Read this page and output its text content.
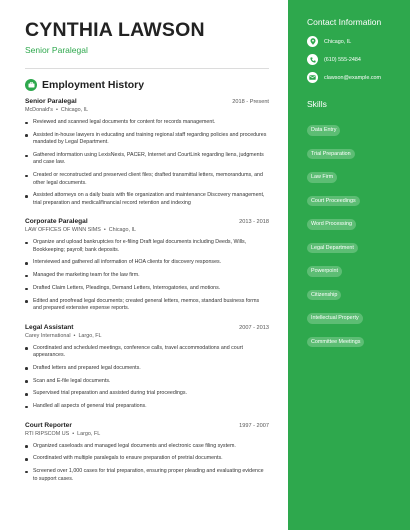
CYNTHIA LAWSON
Senior Paralegal
Employment History
Senior Paralegal	2018 - Present
McDonald's  •  Chicago, IL
Reviewed and scanned legal documents for content for records management.
Assisted in-house lawyers in educating and training regional staff regarding policies and procedures mandated by Legal Department.
Gathered information using LexisNexis, PACER, Internet and CourtLink regarding liens, judgments and case law.
Created or reconstructed and preserved client files; drafted transmittal letters, memorandums, and other legal documents.
Assisted attorneys on a daily basis with file organization and maintenance Discovery management, trial preparation and medical/financial record retention and indexing
Corporate Paralegal	2013 - 2018
LAW OFFICES OF WINN SIMS  •  Chicago, IL
Organize and upload bankruptcies for e-filing Draft legal documents including Deeds, Wills, Bookkeeping; payroll; bank deposits.
Interviewed and gathered all information of HOA clients for discovery responses.
Managed the marketing team for the law firm.
Drafted Claim Letters, Pleadings, Demand Letters, Interrogatories, and motions.
Edited and proofread legal documents; created general letters, memos, standard business forms and prepared extensive expense reports.
Legal Assistant	2007 - 2013
Carey International  •  Largo, FL
Coordinated and scheduled meetings, conference calls, travel accommodations and court appearances.
Drafted letters and prepared legal documents.
Scan and E-file legal documents.
Supervised trial preparation and assisted during trial proceedings.
Handled all aspects of general trial preparations.
Court Reporter	1997 - 2007
RTI RIPSCOM US  •  Largo, FL
Organized caseloads and managed legal documents and electronic case filing system.
Coordinated with multiple paralegals to ensure preparation of pretrial documents.
Screened over 1,000 cases for trial preparation, ensuring proper pleading and evaluating evidence to support cases.
Contact Information
Chicago, IL
(610) 555-2484
clawson@example.com
Skills
Data Entry
Trial Preparation
Law Firm
Court Proceedings
Word Processing
Legal Department
Powerpoint
Citizenship
Intellectual Property
Committee Meetings
